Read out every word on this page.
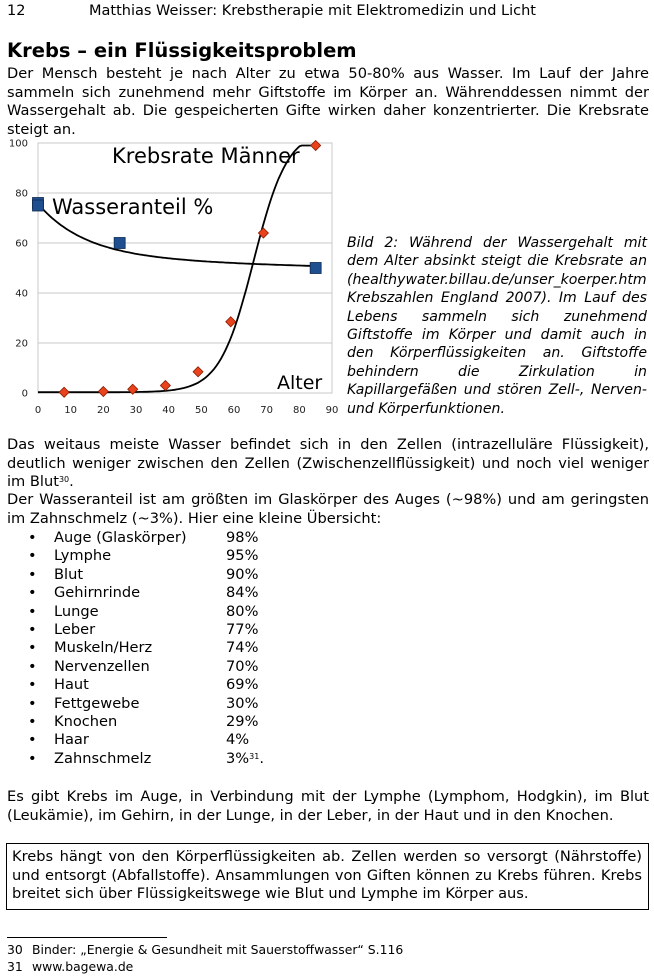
12	Matthias Weisser: Krebstherapie mit Elektromedizin und Licht
Krebs – ein Flüssigkeitsproblem

Der Mensch besteht je nach Alter zu etwa 50-80% aus Wasser. Im Lauf der Jahre sammeln sich zunehmend mehr Giftstoffe im Körper an. Währenddessen nimmt der Wassergehalt ab. Die gespeicherten Gifte wirken daher konzentrierter. Die Krebsrate steigt an.

0
20
40
60
80
100
0 10 20 30 40 50 60 70 80 90
Krebsrate Männer
Wasseranteil %
Alter

Bild 2: Während der Wassergehalt mit dem Alter absinkt steigt die Krebsrate an (healthywater.billau.de/unser_koerper.htm Krebszahlen England 2007). Im Lauf des Lebens sammeln sich zunehmend Giftstoffe im Körper und damit auch in den Körperflüssigkeiten an. Giftstoffe behindern die Zirkulation in Kapillargefäßen und stören Zell-, Nerven- und Körperfunktionen.

Das weitaus meiste Wasser befindet sich in den Zellen (intrazelluläre Flüssigkeit), deutlich weniger zwischen den Zellen (Zwischenzellflüssigkeit) und noch viel weniger im Blut$^{30}$.

Der Wasseranteil ist am größten im Glaskörper des Auges (~98%) und am geringsten im Zahnschmelz (~3%). Hier eine kleine Übersicht:

• Auge (Glaskörper)	98%
• Lymphe	95%
• Blut	90%
• Gehirnrinde	84%
• Lunge	80%
• Leber	77%
• Muskeln/Herz	74%
• Nervenzellen	70%
• Haut	69%
• Fettgewebe	30%
• Knochen	29%
• Haar	4%
• Zahnschmelz	3%$^{31}$.

Es gibt Krebs im Auge, in Verbindung mit der Lymphe (Lymphom, Hodgkin), im Blut (Leukämie), im Gehirn, in der Lunge, in der Leber, in der Haut und in den Knochen.

Krebs hängt von den Körperflüssigkeiten ab. Zellen werden so versorgt (Nährstoffe) und entsorgt (Abfallstoffe). Ansammlungen von Giften können zu Krebs führen. Krebs breitet sich über Flüssigkeitswege wie Blut und Lymphe im Körper aus.
30 Binder: „Energie & Gesundheit mit Sauerstoffwasser“ S.116
31 www.bagewa.de
